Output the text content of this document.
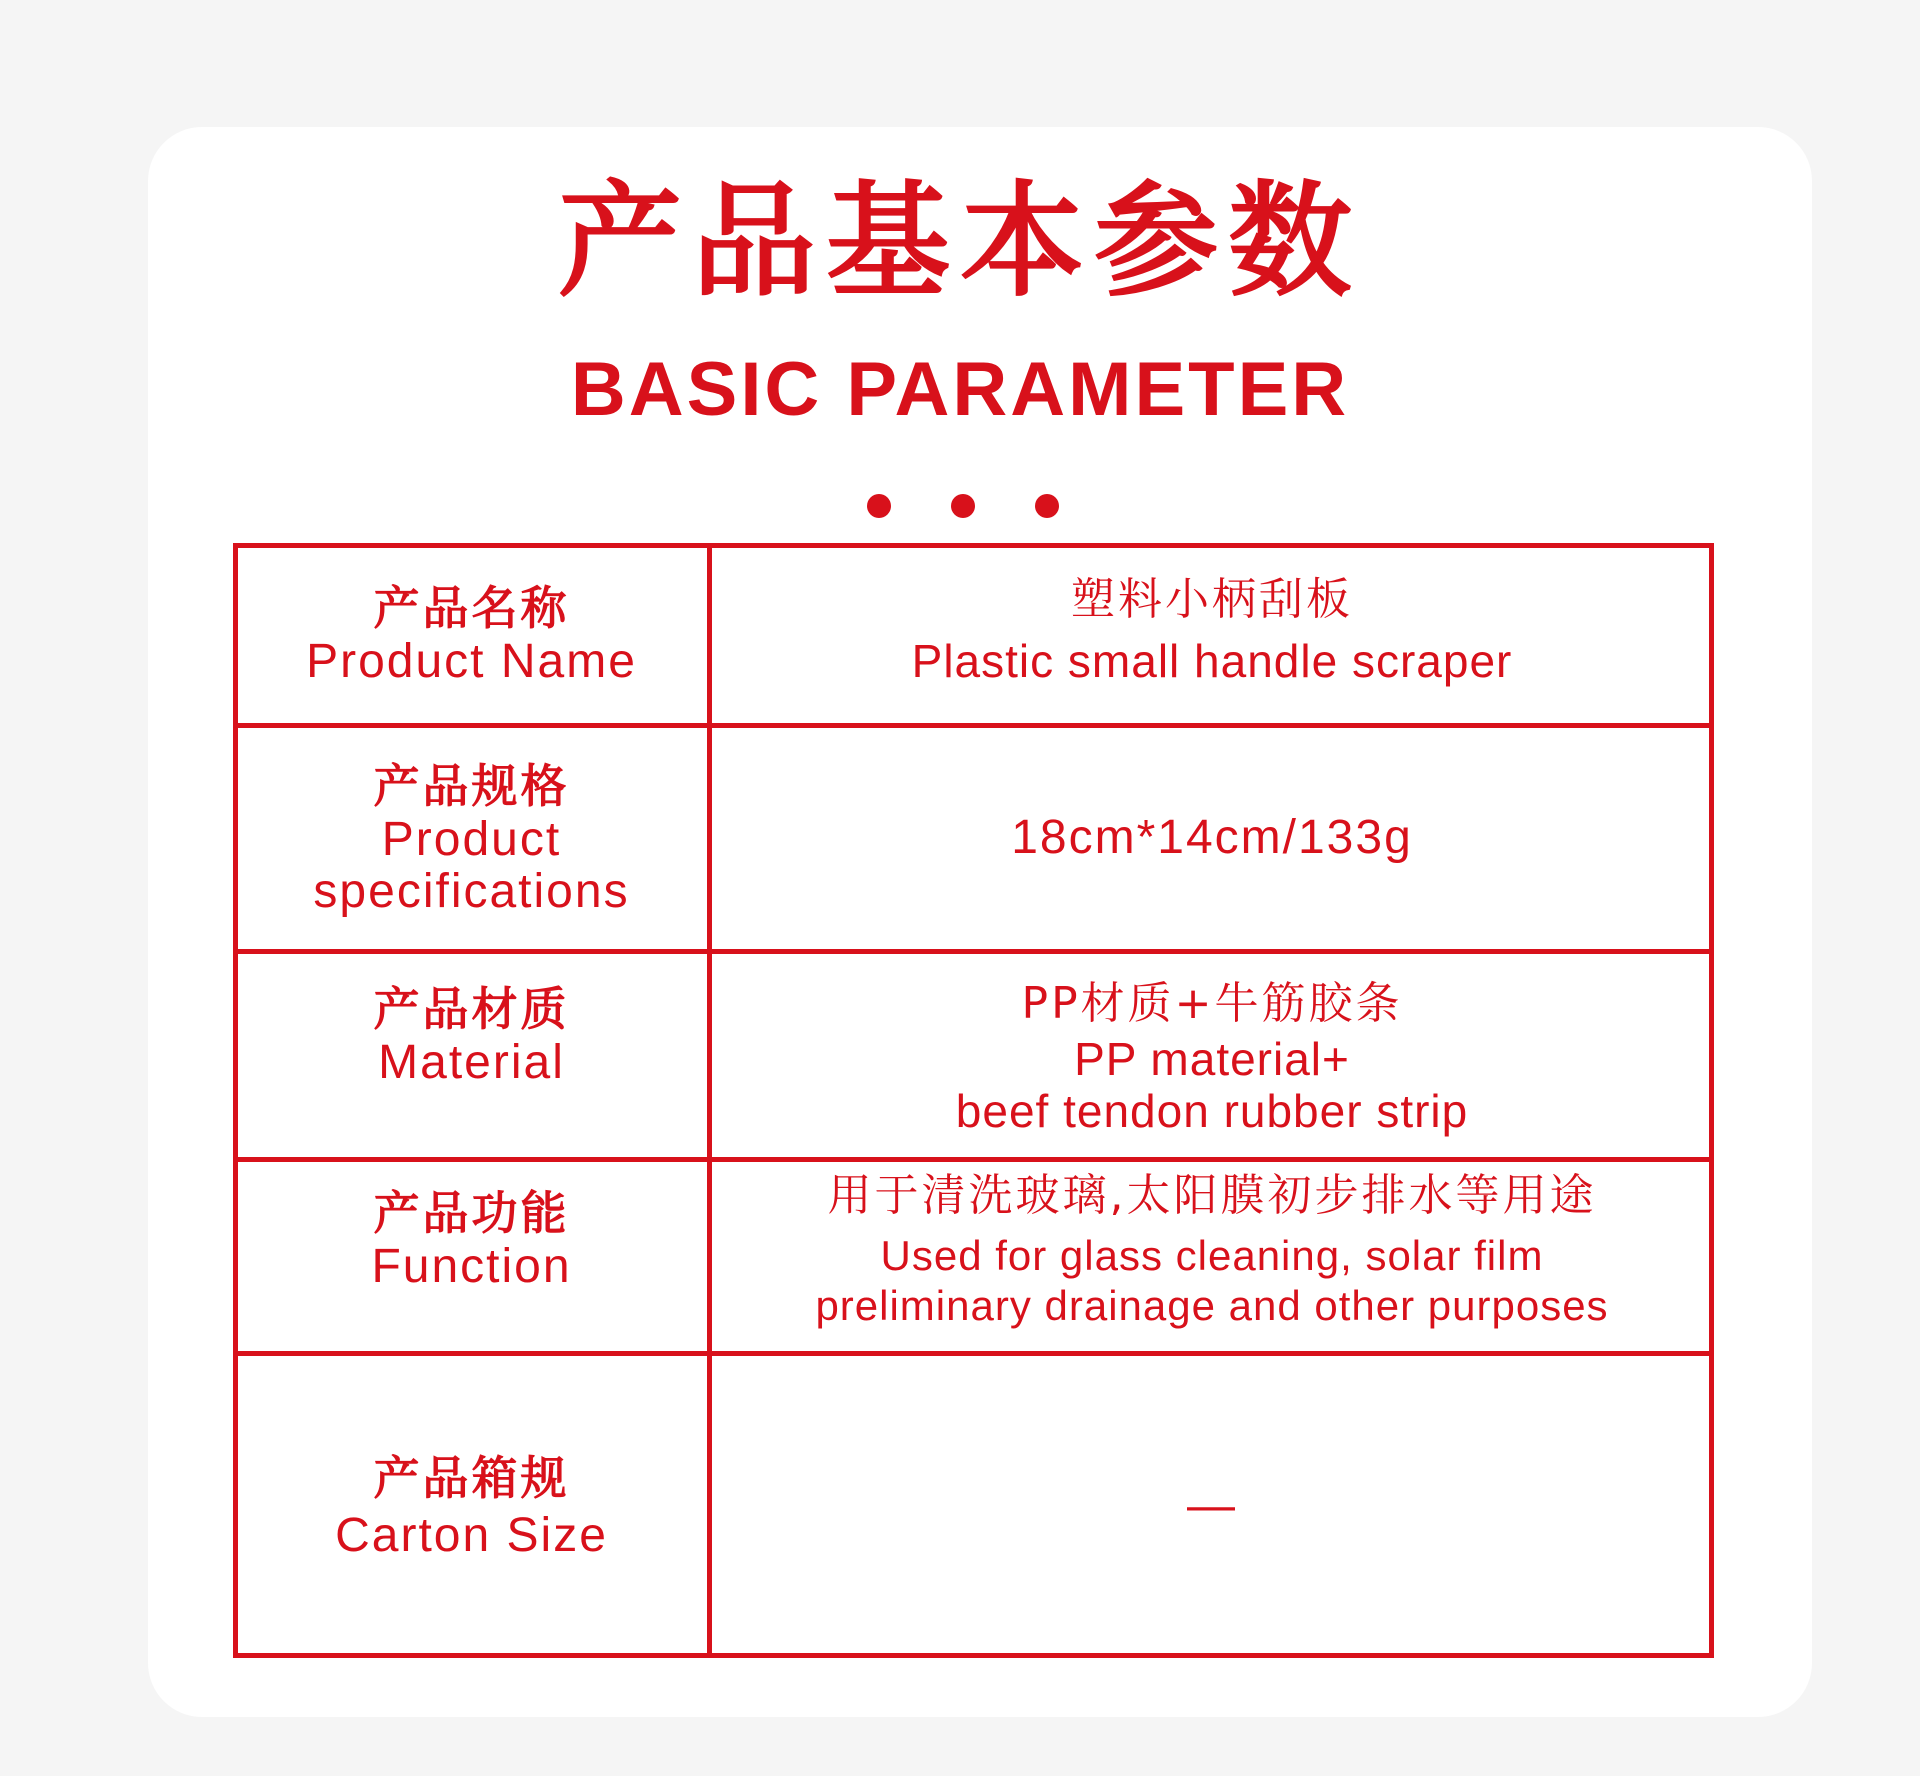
产品基本参数
BASIC PARAMETER
产品名称
Product Name
塑料小柄刮板
Plastic small handle scraper
产品规格
Product
specifications
18cm*14cm/133g
产品材质
Material
PP材质+牛筋胶条
PP material+
beef tendon rubber strip
产品功能
Function
用于清洗玻璃,太阳膜初步排水等用途
Used for glass cleaning, solar film
preliminary drainage and other purposes
产品箱规
Carton Size
—
